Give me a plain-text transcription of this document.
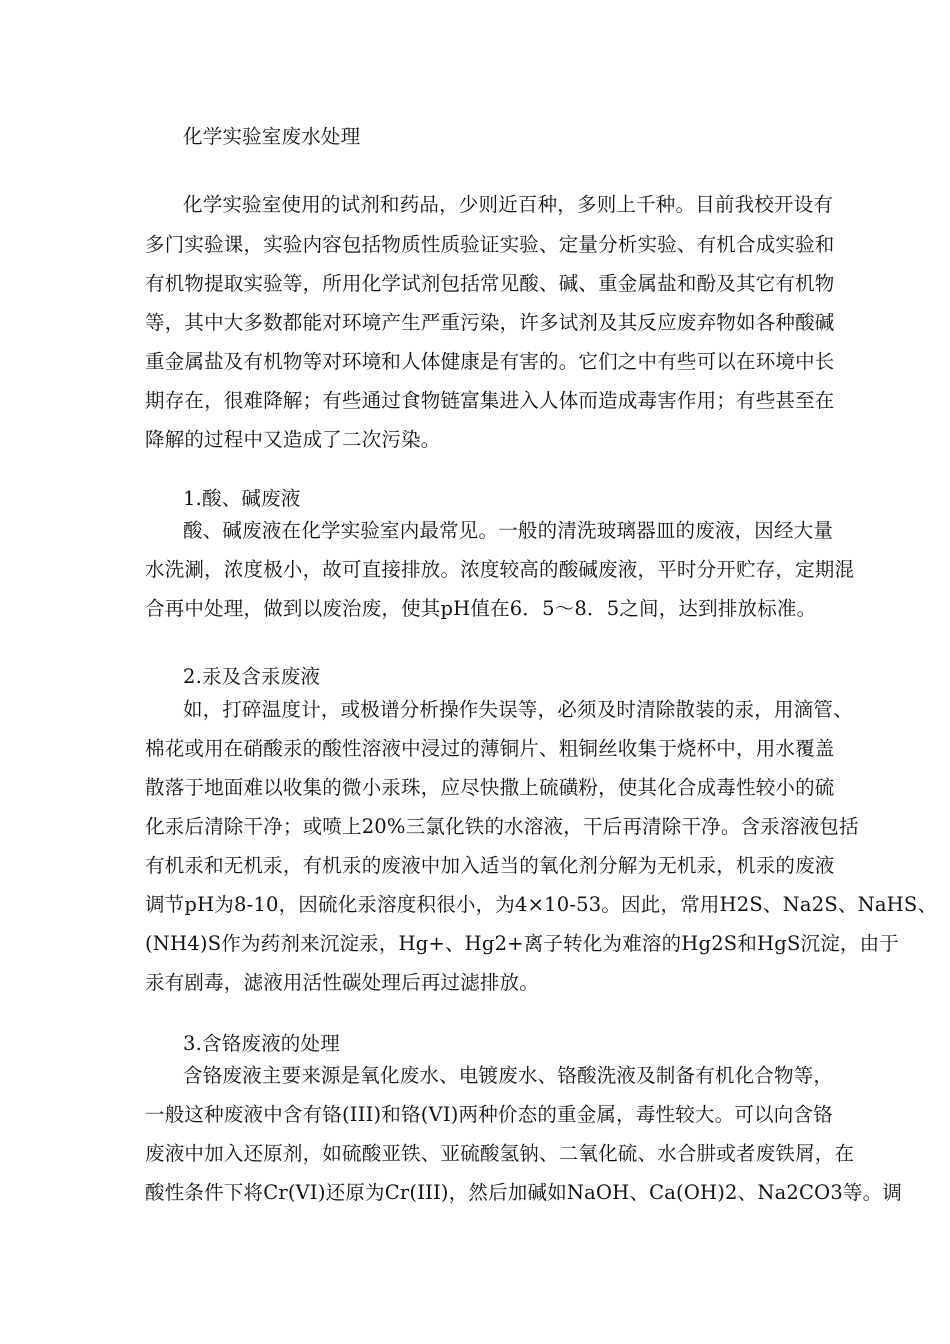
化学实验室废水处理
化学实验室使用的试剂和药品，少则近百种，多则上千种。目前我校开设有
多门实验课，实验内容包括物质性质验证实验、定量分析实验、有机合成实验和
有机物提取实验等，所用化学试剂包括常见酸、碱、重金属盐和酚及其它有机物
等，其中大多数都能对环境产生严重污染，许多试剂及其反应废弃物如各种酸碱
重金属盐及有机物等对环境和人体健康是有害的。它们之中有些可以在环境中长
期存在，很难降解；有些通过食物链富集进入人体而造成毒害作用；有些甚至在
降解的过程中又造成了二次污染。
1.酸、碱废液
酸、碱废液在化学实验室内最常见。一般的清洗玻璃器皿的废液，因经大量
水洗涮，浓度极小，故可直接排放。浓度较高的酸碱废液，平时分开贮存，定期混
合再中处理，做到以废治废，使其pH值在6．5～8．5之间，达到排放标准。
2.汞及含汞废液
如，打碎温度计，或极谱分析操作失误等，必须及时清除散装的汞，用滴管、
棉花或用在硝酸汞的酸性溶液中浸过的薄铜片、粗铜丝收集于烧杯中，用水覆盖
散落于地面难以收集的微小汞珠，应尽快撒上硫磺粉，使其化合成毒性较小的硫
化汞后清除干净；或喷上20%三氯化铁的水溶液，干后再清除干净。含汞溶液包括
有机汞和无机汞，有机汞的废液中加入适当的氧化剂分解为无机汞，机汞的废液
调节pH为8-10，因硫化汞溶度积很小，为4×10-53。因此，常用H2S、Na2S、NaHS、
(NH4)S作为药剂来沉淀汞，Hg+、Hg2+离子转化为难溶的Hg2S和HgS沉淀，由于
汞有剧毒，滤液用活性碳处理后再过滤排放。
3.含铬废液的处理
含铬废液主要来源是氧化废水、电镀废水、铬酸洗液及制备有机化合物等，
一般这种废液中含有铬(III)和铬(VI)两种价态的重金属，毒性较大。可以向含铬
废液中加入还原剂，如硫酸亚铁、亚硫酸氢钠、二氧化硫、水合肼或者废铁屑，在
酸性条件下将Cr(VI)还原为Cr(III)，然后加碱如NaOH、Ca(OH)2、Na2CO3等。调
